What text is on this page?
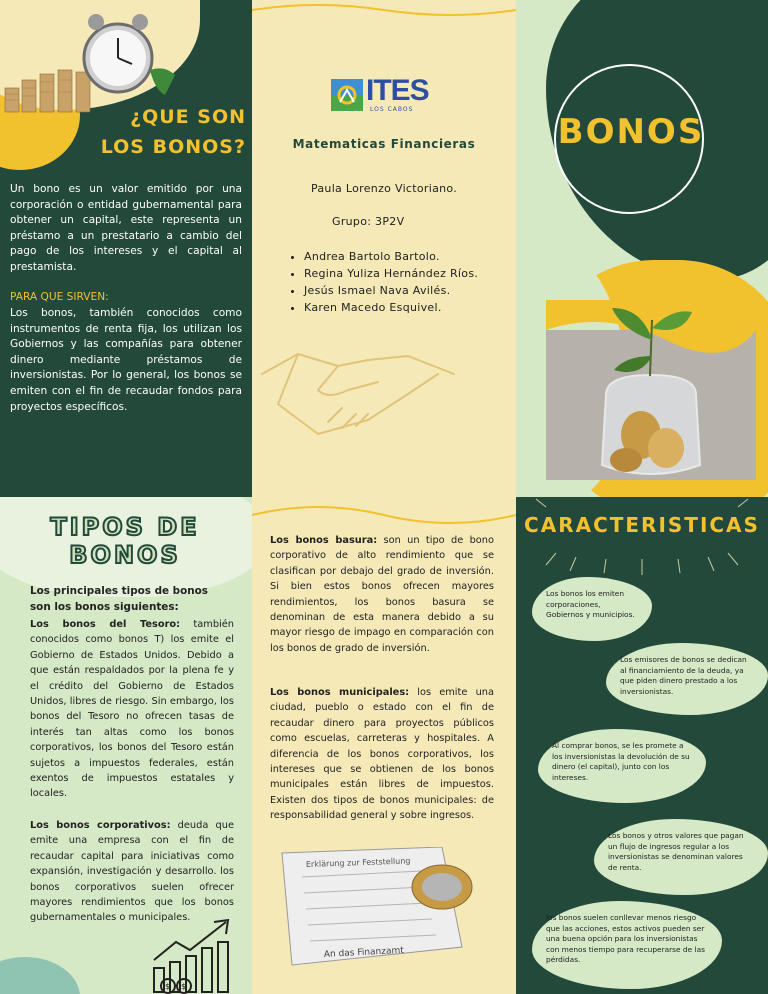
¿QUE SON LOS BONOS?
Un bono es un valor emitido por una corporación o entidad gubernamental para obtener un capital, este representa un préstamo a un prestatario a cambio del pago de los intereses y el capital al prestamista.
PARA QUE SIRVEN:
Los bonos, también conocidos como instrumentos de renta fija, los utilizan los Gobiernos y las compañías para obtener dinero mediante préstamos de inversionistas. Por lo general, los bonos se emiten con el fin de recaudar fondos para proyectos específicos.
ITES
LOS CABOS
Matematicas Financieras
Paula Lorenzo Victoriano.
Grupo: 3P2V
• Andrea Bartolo Bartolo.
• Regina Yuliza Hernández Ríos.
• Jesús Ismael Nava Avilés.
• Karen Macedo Esquivel.
BONOS
TIPOS DE BONOS
Los principales tipos de bonos son los bonos siguientes:
Los bonos del Tesoro: también conocidos como bonos T) los emite el Gobierno de Estados Unidos. Debido a que están respaldados por la plena fe y el crédito del Gobierno de Estados Unidos, libres de riesgo. Sin embargo, los bonos del Tesoro no ofrecen tasas de interés tan altas como los bonos corporativos, los bonos del Tesoro están sujetos a impuestos federales, están exentos de impuestos estatales y locales.
Los bonos corporativos: deuda que emite una empresa con el fin de recaudar capital para iniciativas como expansión, investigación y desarrollo. los bonos corporativos suelen ofrecer mayores rendimientos que los bonos gubernamentales o municipales.
$ $
Los bonos basura: son un tipo de bono corporativo de alto rendimiento que se clasifican por debajo del grado de inversión. Si bien estos bonos ofrecen mayores rendimientos, los bonos basura se denominan de esta manera debido a su mayor riesgo de impago en comparación con los bonos de grado de inversión.
Los bonos municipales: los emite una ciudad, pueblo o estado con el fin de recaudar dinero para proyectos públicos como escuelas, carreteras y hospitales. A diferencia de los bonos corporativos, los intereses que se obtienen de los bonos municipales están libres de impuestos. Existen dos tipos de bonos municipales: de responsabilidad general y sobre ingresos.
Erklärung zur Feststellung
An das Finanzamt
CARACTERISTICAS
Los bonos los emiten corporaciones, Gobiernos y municipios.
Los emisores de bonos se dedican al financiamiento de la deuda, ya que piden dinero prestado a los inversionistas.
Al comprar bonos, se les promete a los inversionistas la devolución de su dinero (el capital), junto con los intereses.
Los bonos y otros valores que pagan un flujo de ingresos regular a los inversionistas se denominan valores de renta.
los bonos suelen conllevar menos riesgo que las acciones, estos activos pueden ser una buena opción para los inversionistas con menos tiempo para recuperarse de las pérdidas.
